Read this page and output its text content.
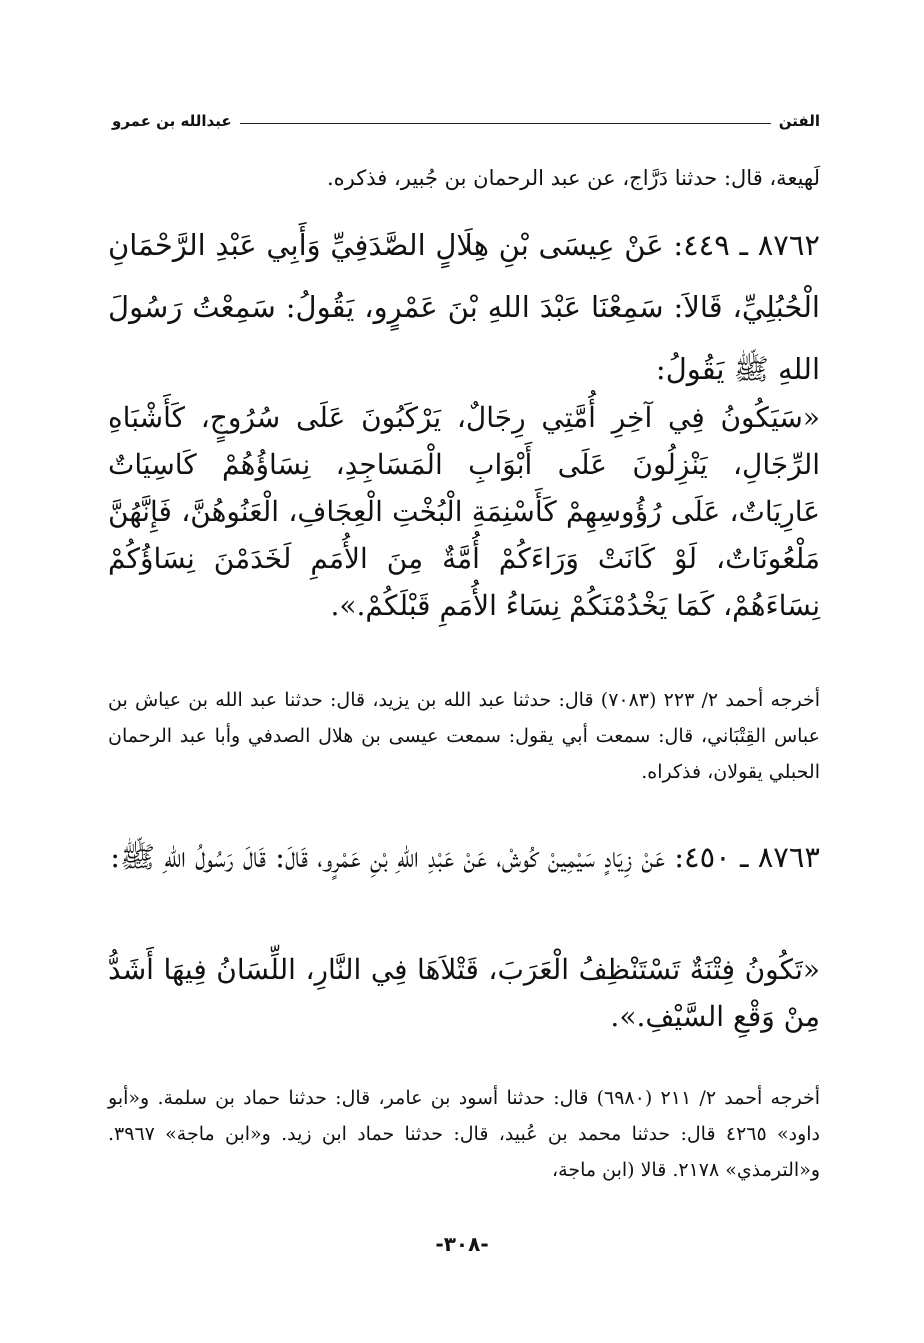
الفتن
عبدالله بن عمرو
لَهيعة، قال: حدثنا دَرَّاج، عن عبد الرحمان بن جُبير، فذكره.
٨٧٦٢ ـ ٤٤٩: عَنْ عِيسَى بْنِ هِلَالٍ الصَّدَفِيِّ وَأَبِي عَبْدِ الرَّحْمَانِ الْحُبُلِيِّ، قَالاَ: سَمِعْنَا عَبْدَ اللهِ بْنَ عَمْرٍو، يَقُولُ: سَمِعْتُ رَسُولَ اللهِ ﷺ يَقُولُ:
«سَيَكُونُ فِي آخِرِ أُمَّتِي رِجَالٌ، يَرْكَبُونَ عَلَى سُرُوجٍ، كَأَشْبَاهِ الرِّجَالِ، يَنْزِلُونَ عَلَى أَبْوَابِ الْمَسَاجِدِ، نِسَاؤُهُمْ كَاسِيَاتٌ عَارِيَاتٌ، عَلَى رُؤُوسِهِمْ كَأَسْنِمَةِ الْبُخْتِ الْعِجَافِ، الْعَنُوهُنَّ، فَإِنَّهُنَّ مَلْعُونَاتٌ، لَوْ كَانَتْ وَرَاءَكُمْ أُمَّةٌ مِنَ الأُمَمِ لَخَدَمْنَ نِسَاؤُكُمْ نِسَاءَهُمْ، كَمَا يَخْدُمْنَكُمْ نِسَاءُ الأُمَمِ قَبْلَكُمْ.».
أخرجه أحمد ٢/ ٢٢٣ (٧٠٨٣) قال: حدثنا عبد الله بن يزيد، قال: حدثنا عبد الله بن عياش بن عباس القِتْبَاني، قال: سمعت أبي يقول: سمعت عيسى بن هلال الصدفي وأبا عبد الرحمان الحبلي يقولان، فذكراه.
٨٧٦٣ ـ ٤٥٠: عَنْ زِيَادٍ سَيْمِينْ كُوشْ، عَنْ عَبْدِ اللهِ بْنِ عَمْرٍو، قَالَ: قَالَ رَسُولُ اللهِ ﷺ:
«تَكُونُ فِتْنَةٌ تَسْتَنْظِفُ الْعَرَبَ، قَتْلاَهَا فِي النَّارِ، اللِّسَانُ فِيهَا أَشَدُّ مِنْ وَقْعِ السَّيْفِ.».
أخرجه أحمد ٢/ ٢١١ (٦٩٨٠) قال: حدثنا أسود بن عامر، قال: حدثنا حماد بن سلمة. و«أبو داود» ٤٢٦٥ قال: حدثنا محمد بن عُبيد، قال: حدثنا حماد ابن زيد. و«ابن ماجة» ٣٩٦٧. و«الترمذي» ٢١٧٨. قالا (ابن ماجة،
-٣٠٨-
